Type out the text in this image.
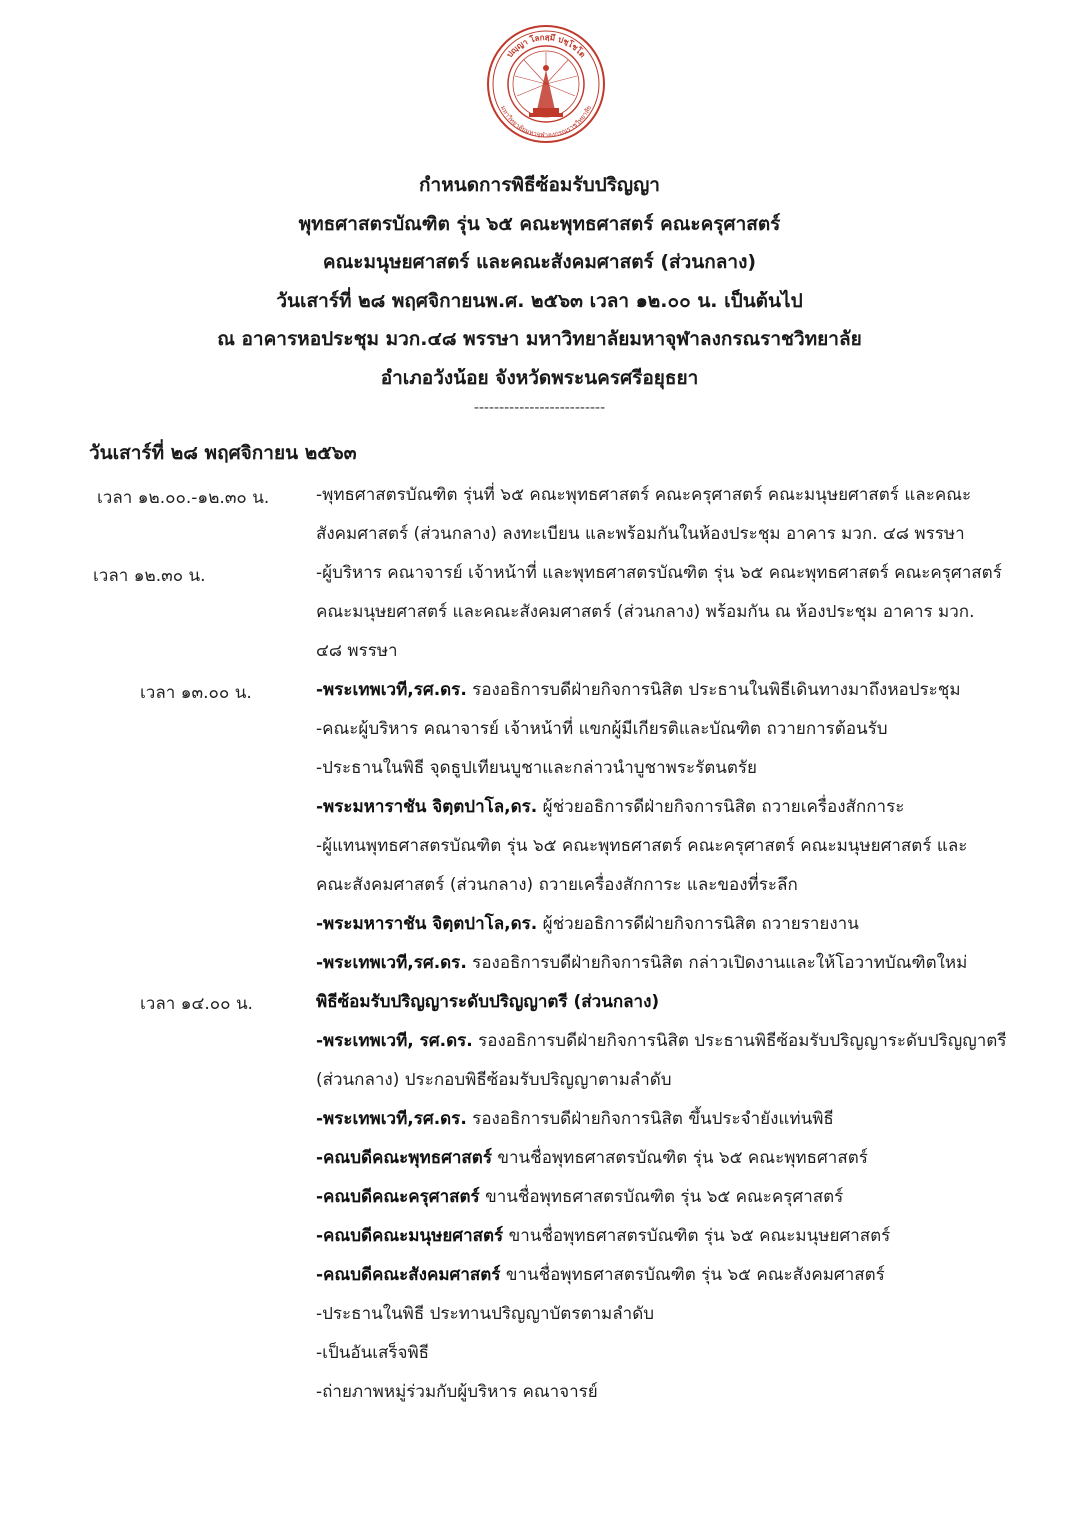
ปญฺญา โลกสฺมึ ปชฺโชโต
มหาวิทยาลัยมหาจุฬาลงกรณราชวิทยาลัย
กำหนดการพิธีซ้อมรับปริญญา
พุทธศาสตรบัณฑิต รุ่น ๖๕ คณะพุทธศาสตร์ คณะครุศาสตร์
คณะมนุษยศาสตร์ และคณะสังคมศาสตร์ (ส่วนกลาง)
วันเสาร์ที่ ๒๘ พฤศจิกายนพ.ศ. ๒๕๖๓ เวลา ๑๒.๐๐ น. เป็นต้นไป
ณ อาคารหอประชุม มวก.๔๘ พรรษา มหาวิทยาลัยมหาจุฬาลงกรณราชวิทยาลัย
อำเภอวังน้อย จังหวัดพระนครศรีอยุธยา
--------------------------
วันเสาร์ที่ ๒๘ พฤศจิกายน ๒๕๖๓
เวลา ๑๒.๐๐.-๑๒.๓๐ น.
เวลา ๑๒.๓๐ น.
เวลา ๑๓.๐๐ น.
เวลา ๑๔.๐๐ น.
-พุทธศาสตรบัณฑิต รุ่นที่ ๖๕ คณะพุทธศาสตร์ คณะครุศาสตร์ คณะมนุษยศาสตร์ และคณะ
สังคมศาสตร์ (ส่วนกลาง) ลงทะเบียน และพร้อมกันในห้องประชุม อาคาร มวก. ๔๘ พรรษา
-ผู้บริหาร คณาจารย์ เจ้าหน้าที่ และพุทธศาสตรบัณฑิต รุ่น ๖๕ คณะพุทธศาสตร์ คณะครุศาสตร์
คณะมนุษยศาสตร์ และคณะสังคมศาสตร์ (ส่วนกลาง) พร้อมกัน ณ ห้องประชุม อาคาร มวก.
๔๘ พรรษา
-พระเทพเวที,รศ.ดร. รองอธิการบดีฝ่ายกิจการนิสิต ประธานในพิธีเดินทางมาถึงหอประชุม
-คณะผู้บริหาร คณาจารย์ เจ้าหน้าที่ แขกผู้มีเกียรติและบัณฑิต ถวายการต้อนรับ
-ประธานในพิธี จุดธูปเทียนบูชาและกล่าวนำบูชาพระรัตนตรัย
-พระมหาราชัน จิตฺตปาโล,ดร. ผู้ช่วยอธิการดีฝ่ายกิจการนิสิต ถวายเครื่องสักการะ
-ผู้แทนพุทธศาสตรบัณฑิต รุ่น ๖๕ คณะพุทธศาสตร์ คณะครุศาสตร์ คณะมนุษยศาสตร์ และ
คณะสังคมศาสตร์ (ส่วนกลาง) ถวายเครื่องสักการะ และของที่ระลึก
-พระมหาราชัน จิตฺตปาโล,ดร. ผู้ช่วยอธิการดีฝ่ายกิจการนิสิต ถวายรายงาน
-พระเทพเวที,รศ.ดร. รองอธิการบดีฝ่ายกิจการนิสิต กล่าวเปิดงานและให้โอวาทบัณฑิตใหม่
พิธีซ้อมรับปริญญาระดับปริญญาตรี (ส่วนกลาง)
-พระเทพเวที, รศ.ดร. รองอธิการบดีฝ่ายกิจการนิสิต ประธานพิธีซ้อมรับปริญญาระดับปริญญาตรี
(ส่วนกลาง) ประกอบพิธีซ้อมรับปริญญาตามลำดับ
-พระเทพเวที,รศ.ดร. รองอธิการบดีฝ่ายกิจการนิสิต ขึ้นประจำยังแท่นพิธี
-คณบดีคณะพุทธศาสตร์ ขานชื่อพุทธศาสตรบัณฑิต รุ่น ๖๕ คณะพุทธศาสตร์
-คณบดีคณะครุศาสตร์ ขานชื่อพุทธศาสตรบัณฑิต รุ่น ๖๕ คณะครุศาสตร์
-คณบดีคณะมนุษยศาสตร์ ขานชื่อพุทธศาสตรบัณฑิต รุ่น ๖๕ คณะมนุษยศาสตร์
-คณบดีคณะสังคมศาสตร์ ขานชื่อพุทธศาสตรบัณฑิต รุ่น ๖๕ คณะสังคมศาสตร์
-ประธานในพิธี ประทานปริญญาบัตรตามลำดับ
-เป็นอันเสร็จพิธี
-ถ่ายภาพหมู่ร่วมกับผู้บริหาร คณาจารย์
